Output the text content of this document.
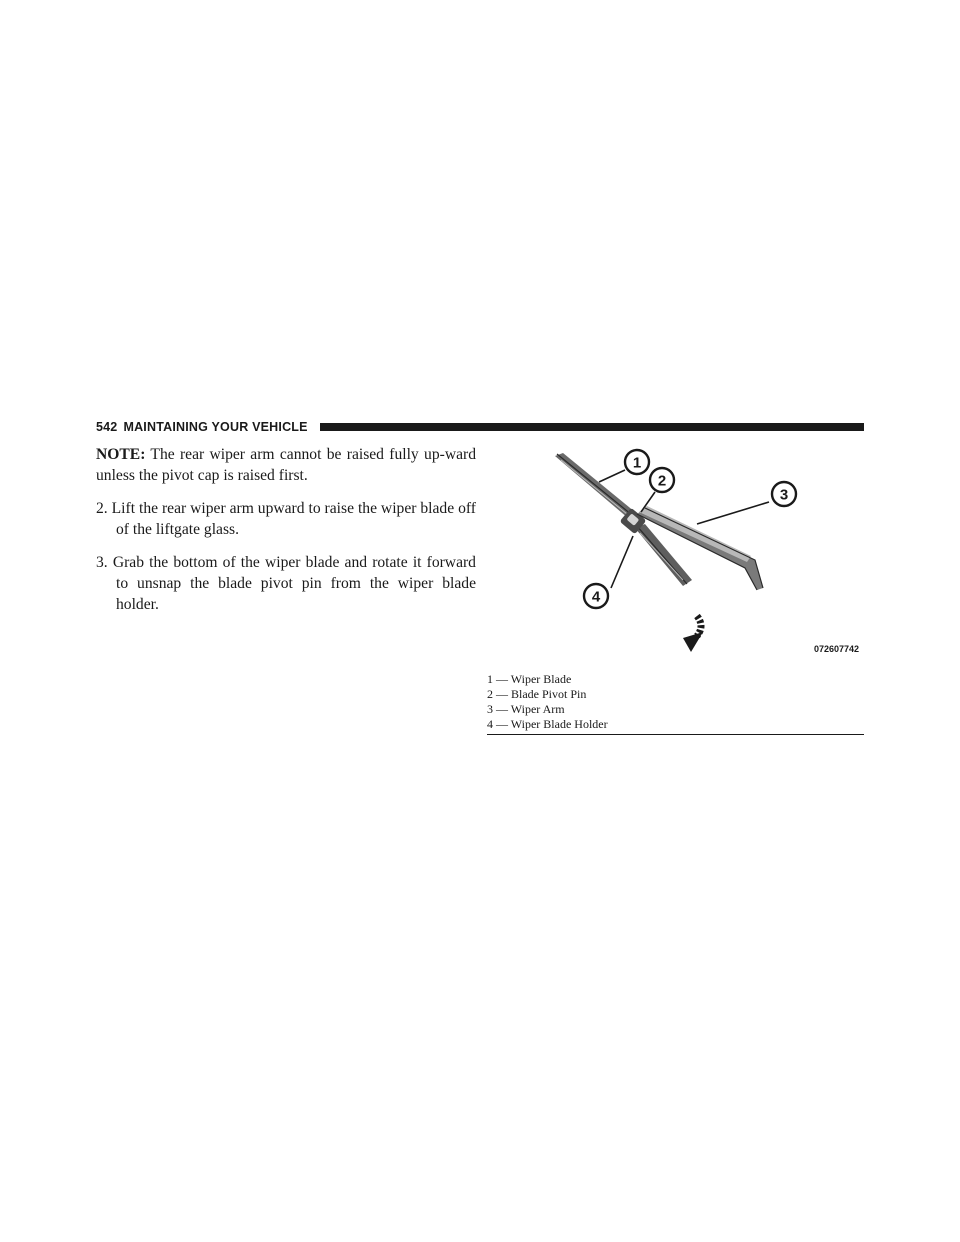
542 MAINTAINING YOUR VEHICLE

NOTE: The rear wiper arm cannot be raised fully up-ward unless the pivot cap is raised first.

2. Lift the rear wiper arm upward to raise the wiper blade off of the liftgate glass.

3. Grab the bottom of the wiper blade and rotate it forward to unsnap the blade pivot pin from the wiper blade holder.

1
2
3
4
072607742
1 — Wiper Blade
2 — Blade Pivot Pin
3 — Wiper Arm
4 — Wiper Blade Holder
